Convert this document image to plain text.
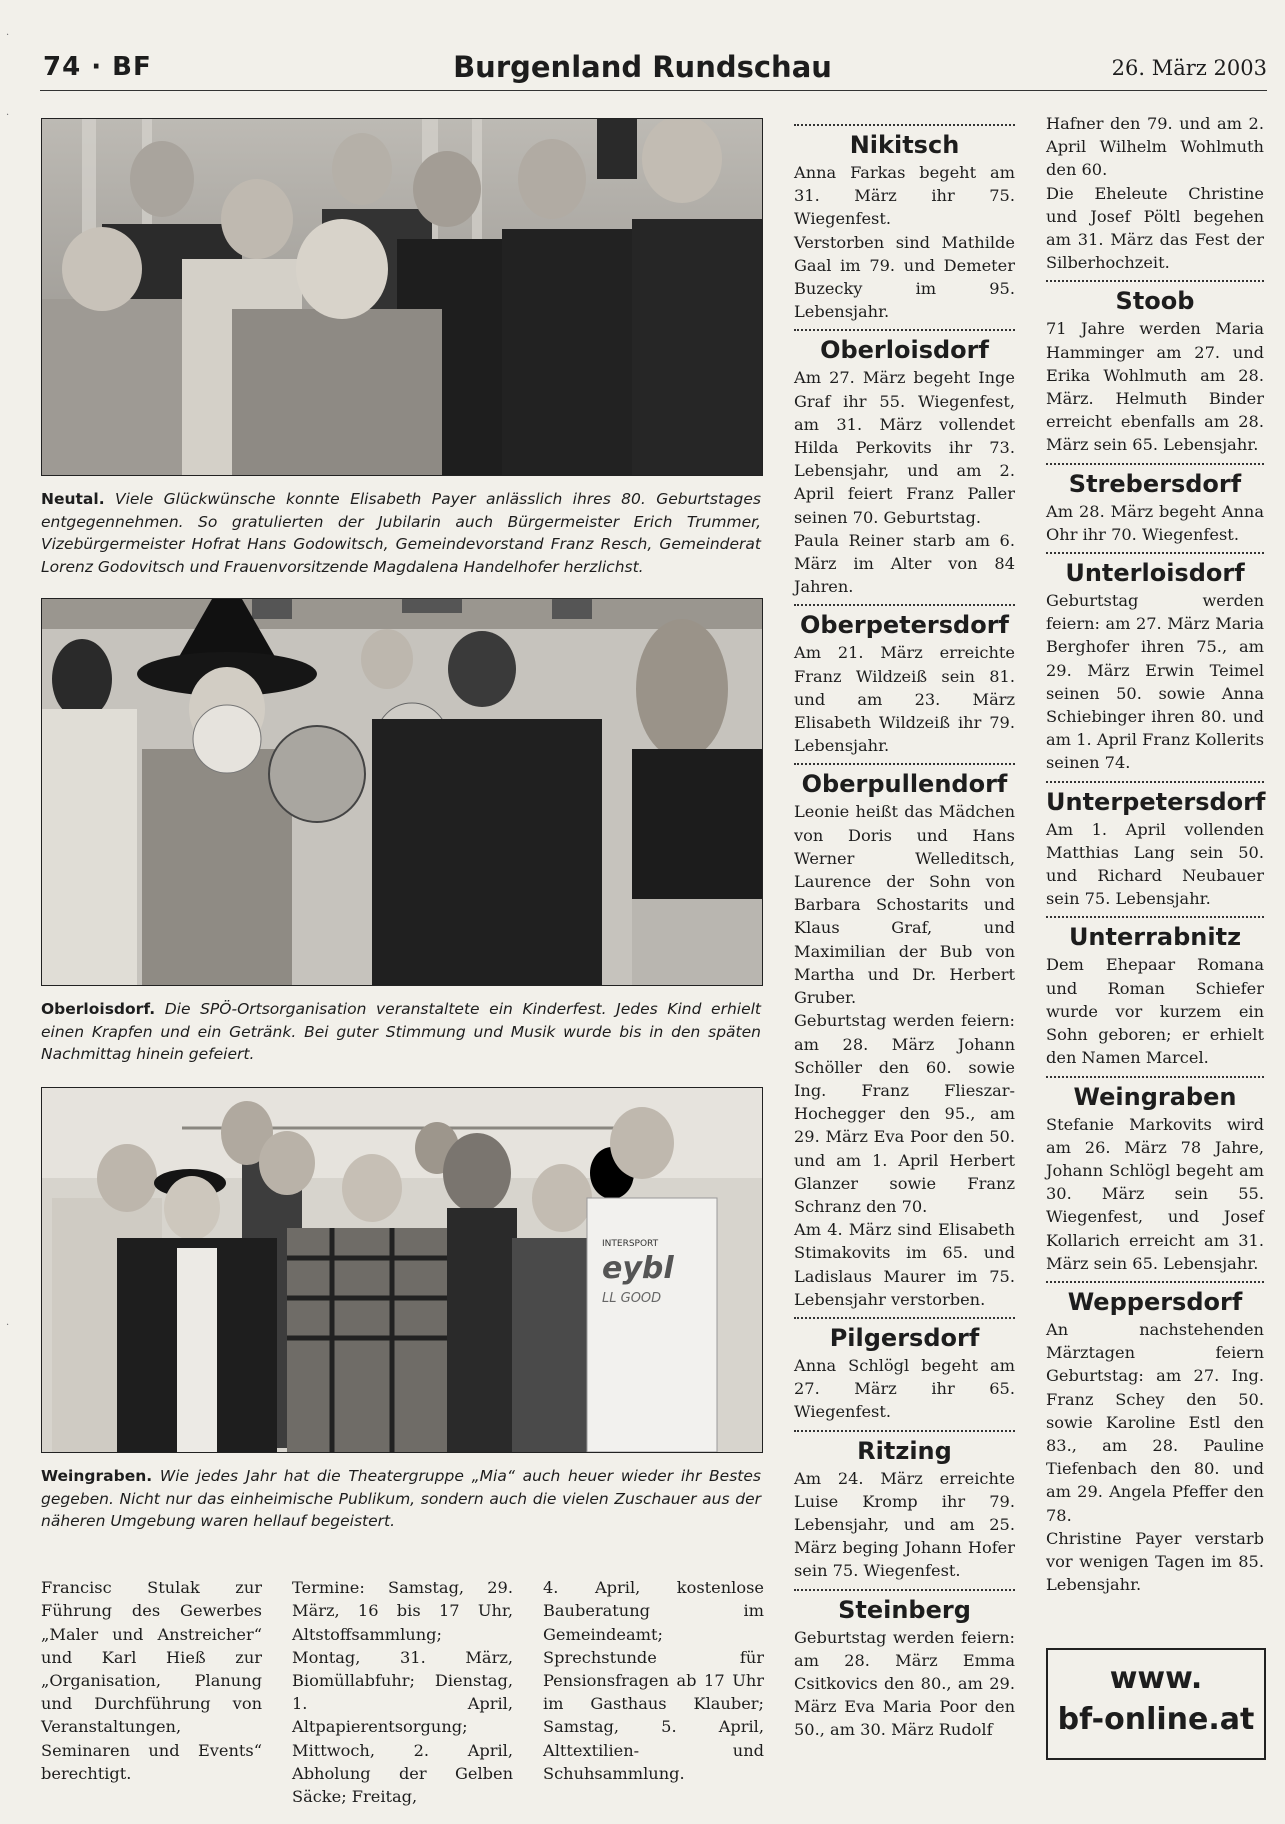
74 · BF	Burgenland Rundschau	26. März 2003
·
·
·
Neutal. Viele Glückwünsche konnte Elisabeth Payer anlässlich ihres 80. Geburtstages entgegennehmen. So gratulierten der Jubilarin auch Bürgermeister Erich Trummer, Vizebürgermeister Hofrat Hans Godowitsch, Gemeindevorstand Franz Resch, Gemeinderat Lorenz Godovitsch und Frauenvorsitzende Magdalena Handelhofer herzlichst.
Oberloisdorf. Die SPÖ-Ortsorganisation veranstaltete ein Kinderfest. Jedes Kind erhielt einen Krapfen und ein Getränk. Bei guter Stimmung und Musik wurde bis in den späten Nachmittag hinein gefeiert.
INTERSPORT
eybl
LL GOOD
Weingraben. Wie jedes Jahr hat die Theatergruppe „Mia“ auch heuer wieder ihr Bestes gegeben. Nicht nur das einheimische Publikum, sondern auch die vielen Zuschauer aus der näheren Umgebung waren hellauf begeistert.

Francisc Stulak zur Führung des Gewerbes „Maler und Anstreicher“ und Karl Hieß zur „Organisation, Planung und Durchführung von Veranstaltungen, Seminaren und Events“ berechtigt.

Termine: Samstag, 29. März, 16 bis 17 Uhr, Altstoffsammlung; Montag, 31. März, Biomüllabfuhr; Dienstag, 1. April, Altpapierentsorgung; Mittwoch, 2. April, Abholung der Gelben Säcke; Freitag,

4. April, kostenlose Bauberatung im Gemeindeamt; Sprechstunde für Pensionsfragen ab 17 Uhr im Gasthaus Klauber; Samstag, 5. April, Alttextilien- und Schuhsammlung.

Nikitsch

Anna Farkas begeht am 31. März ihr 75. Wiegenfest.

Verstorben sind Mathilde Gaal im 79. und Demeter Buzecky im 95. Lebensjahr.

Oberloisdorf

Am 27. März begeht Inge Graf ihr 55. Wiegenfest, am 31. März vollendet Hilda Perkovits ihr 73. Lebensjahr, und am 2. April feiert Franz Paller seinen 70. Geburtstag.

Paula Reiner starb am 6. März im Alter von 84 Jahren.

Oberpetersdorf

Am 21. März erreichte Franz Wildzeiß sein 81. und am 23. März Elisabeth Wildzeiß ihr 79. Lebensjahr.

Oberpullendorf

Leonie heißt das Mädchen von Doris und Hans Werner Welleditsch, Laurence der Sohn von Barbara Schostarits und Klaus Graf, und Maximilian der Bub von Martha und Dr. Herbert Gruber.

Geburtstag werden feiern: am 28. März Johann Schöller den 60. sowie Ing. Franz Flieszar-Hochegger den 95., am 29. März Eva Poor den 50. und am 1. April Herbert Glanzer sowie Franz Schranz den 70.

Am 4. März sind Elisabeth Stimakovits im 65. und Ladislaus Maurer im 75. Lebensjahr verstorben.

Pilgersdorf

Anna Schlögl begeht am 27. März ihr 65. Wiegenfest.

Ritzing

Am 24. März erreichte Luise Kromp ihr 79. Lebensjahr, und am 25. März beging Johann Hofer sein 75. Wiegenfest.

Steinberg

Geburtstag werden feiern: am 28. März Emma Csitkovics den 80., am 29. März Eva Maria Poor den 50., am 30. März Rudolf

Hafner den 79. und am 2. April Wilhelm Wohlmuth den 60.

Die Eheleute Christine und Josef Pöltl begehen am 31. März das Fest der Silberhochzeit.

Stoob

71 Jahre werden Maria Hamminger am 27. und Erika Wohlmuth am 28. März. Helmuth Binder erreicht ebenfalls am 28. März sein 65. Lebensjahr.

Strebersdorf

Am 28. März begeht Anna Ohr ihr 70. Wiegenfest.

Unterloisdorf

Geburtstag werden feiern: am 27. März Maria Berghofer ihren 75., am 29. März Erwin Teimel seinen 50. sowie Anna Schiebinger ihren 80. und am 1. April Franz Kollerits seinen 74.

Unterpetersdorf

Am 1. April vollenden Matthias Lang sein 50. und Richard Neubauer sein 75. Lebensjahr.

Unterrabnitz

Dem Ehepaar Romana und Roman Schiefer wurde vor kurzem ein Sohn geboren; er erhielt den Namen Marcel.

Weingraben

Stefanie Markovits wird am 26. März 78 Jahre, Johann Schlögl begeht am 30. März sein 55. Wiegenfest, und Josef Kollarich erreicht am 31. März sein 65. Lebensjahr.

Weppersdorf

An nachstehenden Märztagen feiern Geburtstag: am 27. Ing. Franz Schey den 50. sowie Karoline Estl den 83., am 28. Pauline Tiefenbach den 80. und am 29. Angela Pfeffer den 78.

Christine Payer verstarb vor wenigen Tagen im 85. Lebensjahr.

www.
bf-online.at
